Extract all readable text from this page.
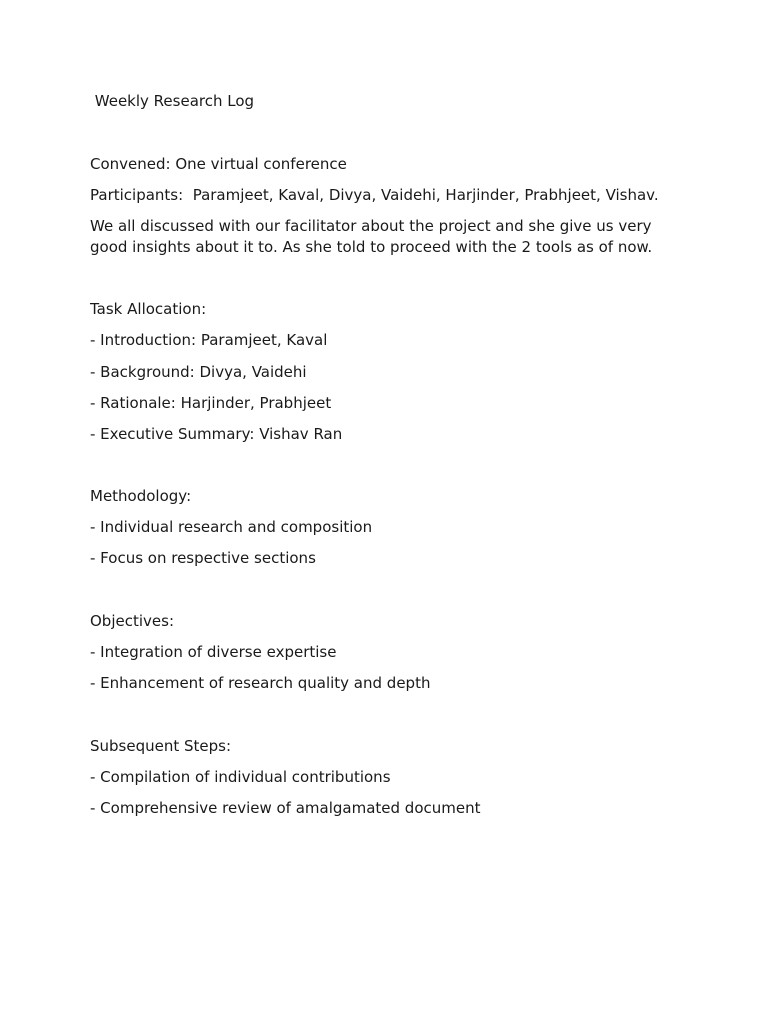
Weekly Research Log

Convened: One virtual conference

Participants:  Paramjeet, Kaval, Divya, Vaidehi, Harjinder, Prabhjeet, Vishav.

We all discussed with our facilitator about the project and she give us very

good insights about it to. As she told to proceed with the 2 tools as of now.

Task Allocation:

- Introduction: Paramjeet, Kaval

- Background: Divya, Vaidehi

- Rationale: Harjinder, Prabhjeet

- Executive Summary: Vishav Ran

Methodology:

- Individual research and composition

- Focus on respective sections

Objectives:

- Integration of diverse expertise

- Enhancement of research quality and depth

Subsequent Steps:

- Compilation of individual contributions

- Comprehensive review of amalgamated document
